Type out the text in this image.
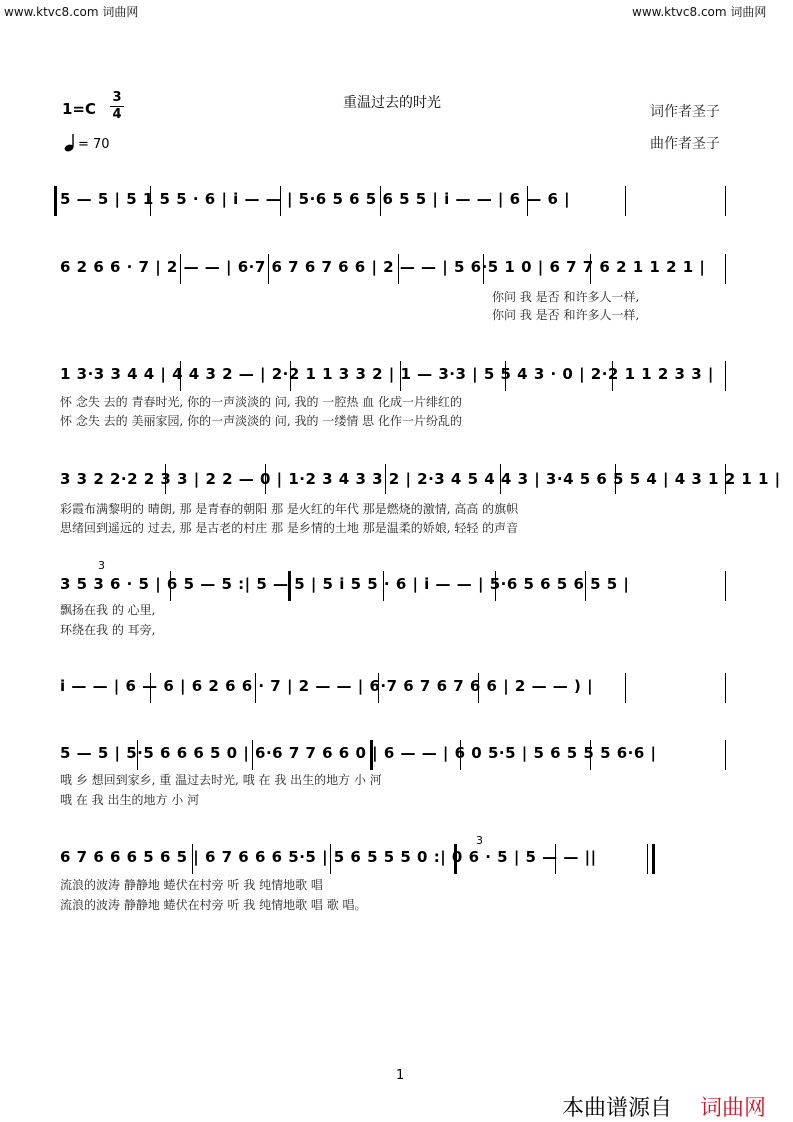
www.ktvc8.com 词曲网	www.ktvc8.com 词曲网
1=C
3
4
重温过去的时光
词作者圣子
曲作者圣子
= 70
5 — 5 | 5 1 5 5 · 6 | i — — | 5·6 5 6 5 6 5 5 | i — — | 6 — 6 |
6 2 6 6 · 7 | 2 — — | 6·7 6 7 6 7 6 6 | 2 — — | 5 6·5 1 0 | 6 7 7 6 2 1 1 2 1 |
你问 我 是否 和许多人一样,
你问 我 是否 和许多人一样,
1 3·3 3 4 4 | 4 4 3 2 — | 2·2 1 1 3 3 2 | 1 — 3·3 | 5 5 4 3 · 0 | 2·2 1 1 2 3 3 |
怀 念失 去的 青春时光, 你的一声淡淡的 问, 我的 一腔热 血 化成一片绯红的
怀 念失 去的 美丽家园, 你的一声淡淡的 问, 我的 一缕情 思 化作一片纷乱的
3 3 2 2·2 2 3 3 | 2 2 — 0 | 1·2 3 4 3 3 2 | 2·3 4 5 4 4 3 | 3·4 5 6 5 5 4 | 4 3 1 2 1 1 |
彩霞布满黎明的 晴朗, 那 是青春的朝阳 那 是火红的年代 那是燃烧的激情, 高高 的旗帜
思绪回到遥远的 过去, 那 是古老的村庄 那 是乡情的土地 那是温柔的娇娘, 轻轻 的声音
3
3 5 3 6 · 5 | 6 5 — 5 :| 5 — 5 | 5 i 5 5 · 6 | i — — | 5·6 5 6 5 6 5 5 |
飘扬在我 的 心里,
环绕在我 的 耳旁,
i — — | 6 — 6 | 6 2 6 6 · 7 | 2 — — | 6·7 6 7 6 7 6 6 | 2 — — ) |
5 — 5 | 5·5 6 6 6 5 0 | 6·6 7 7 6 6 0 | 6 — — | 6 0 5·5 | 5 6 5 5 5 6·6 |
哦 乡 想回到家乡, 重 温过去时光, 哦 在 我 出生的地方 小 河
哦 在 我 出生的地方 小 河
3
6 7 6 6 6 5 6 5 | 6 7 6 6 6 5·5 | 5 6 5 5 5 0 :| 0 6 · 5 | 5 — — ||
流浪的波涛 静静地 蜷伏在村旁 听 我 纯情地歌 唱
流浪的波涛 静静地 蜷伏在村旁 听 我 纯情地歌 唱 歌 唱。
1
本曲谱源自 词曲网
